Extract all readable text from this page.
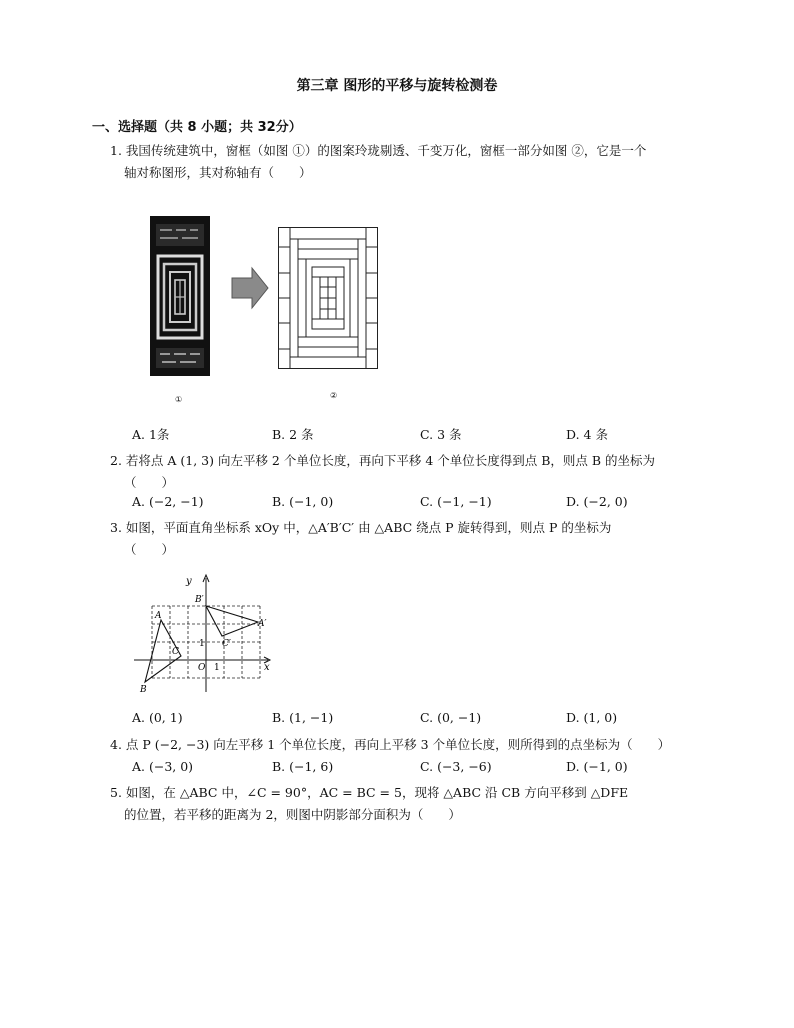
第三章 图形的平移与旋转检测卷
一、选择题（共 8 小题；共 32分）
1. 我国传统建筑中，窗框（如图 ①）的图案玲珑剔透、千变万化，窗框一部分如图 ②，它是一个
轴对称图形，其对称轴有（　　）
①	②
A. 1条	B. 2 条	C. 3 条	D. 4 条
2. 若将点 A (1, 3) 向左平移 2 个单位长度，再向下平移 4 个单位长度得到点 B，则点 B 的坐标为
（　　）
A. (−2, −1)	B. (−1, 0)	C. (−1, −1)	D. (−2, 0)
3. 如图，平面直角坐标系 xOy 中，△A′B′C′ 由 △ABC 绕点 P 旋转得到，则点 P 的坐标为
（　　）
y
x
O
A
B
C
A′
B′
C′
1
1
A. (0, 1)	B. (1, −1)	C. (0, −1)	D. (1, 0)
4. 点 P (−2, −3) 向左平移 1 个单位长度，再向上平移 3 个单位长度，则所得到的点坐标为（　　）
A. (−3, 0)	B. (−1, 6)	C. (−3, −6)	D. (−1, 0)
5. 如图，在 △ABC 中，∠C = 90°，AC = BC = 5，现将 △ABC 沿 CB 方向平移到 △DFE
的位置，若平移的距离为 2，则图中阴影部分面积为（　　）
